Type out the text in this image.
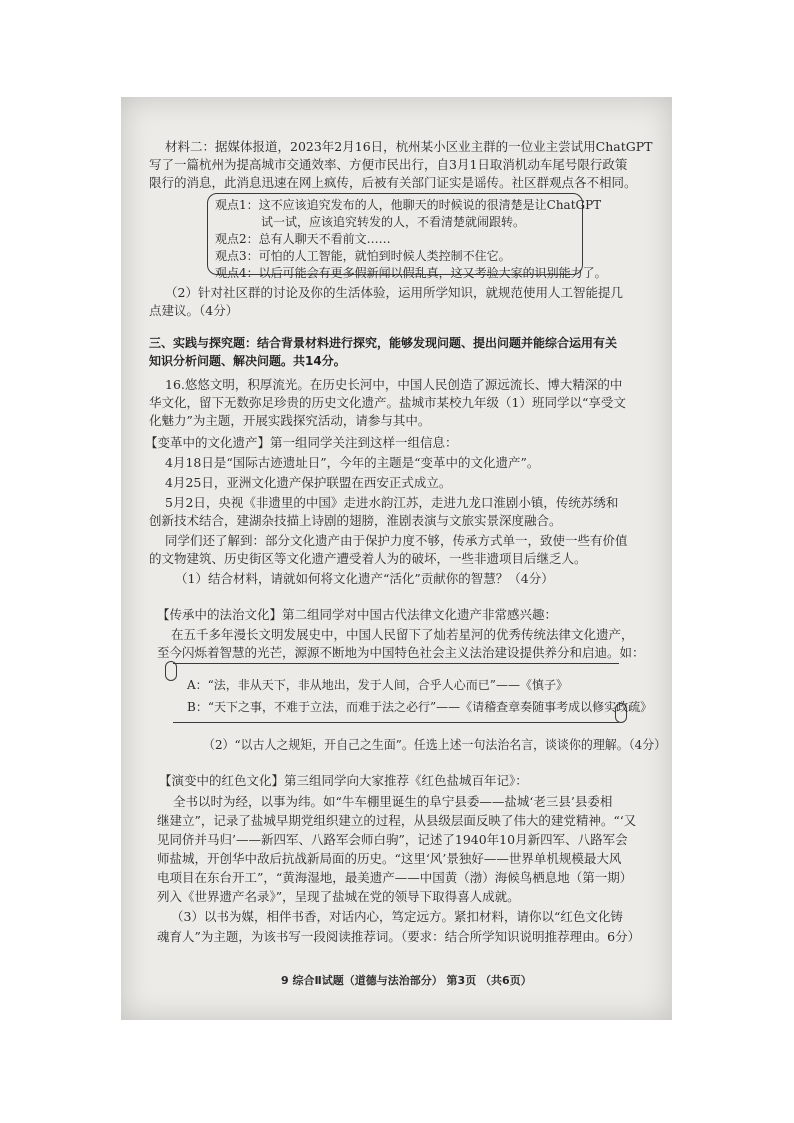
材料二：据媒体报道，2023年2月16日，杭州某小区业主群的一位业主尝试用ChatGPT
写了一篇杭州为提高城市交通效率、方便市民出行，自3月1日取消机动车尾号限行政策
限行的消息，此消息迅速在网上疯传，后被有关部门证实是谣传。社区群观点各不相同。
观点1：这不应该追究发布的人，他聊天的时候说的很清楚是让ChatGPT
试一试，应该追究转发的人，不看清楚就闹跟转。
观点2：总有人聊天不看前文……
观点3：可怕的人工智能，就怕到时候人类控制不住它。
观点4：以后可能会有更多假新闻以假乱真，这又考验大家的识别能力了。
（2）针对社区群的讨论及你的生活体验，运用所学知识，就规范使用人工智能提几
点建议。（4分）
三、实践与探究题：结合背景材料进行探究，能够发现问题、提出问题并能综合运用有关
知识分析问题、解决问题。共14分。
16.悠悠文明，积厚流光。在历史长河中，中国人民创造了源远流长、博大精深的中
华文化，留下无数弥足珍贵的历史文化遗产。盐城市某校九年级（1）班同学以“享受文
化魅力”为主题，开展实践探究活动，请参与其中。
【变革中的文化遗产】第一组同学关注到这样一组信息：
4月18日是“国际古迹遗址日”，今年的主题是“变革中的文化遗产”。
4月25日，亚洲文化遗产保护联盟在西安正式成立。
5月2日，央视《非遗里的中国》走进水韵江苏，走进九龙口淮剧小镇，传统苏绣和
创新技术结合，建湖杂技描上诗剧的翅膀，淮剧表演与文旅实景深度融合。
同学们还了解到：部分文化遗产由于保护力度不够，传承方式单一，致使一些有价值
的文物建筑、历史街区等文化遗产遭受着人为的破坏，一些非遗项目后继乏人。
（1）结合材料，请就如何将文化遗产“活化”贡献你的智慧？（4分）
【传承中的法治文化】第二组同学对中国古代法律文化遗产非常感兴趣：
在五千多年漫长文明发展史中，中国人民留下了灿若星河的优秀传统法律文化遗产，
至今闪烁着智慧的光芒，源源不断地为中国特色社会主义法治建设提供养分和启迪。如：
A：“法，非从天下，非从地出，发于人间，合乎人心而已”——《慎子》
B：“天下之事，不难于立法，而难于法之必行”——《请稽查章奏随事考成以修实政疏》
（2）“以古人之规矩，开自己之生面”。任选上述一句法治名言，谈谈你的理解。（4分）
【演变中的红色文化】第三组同学向大家推荐《红色盐城百年记》：
全书以时为经，以事为纬。如“牛车棚里诞生的阜宁县委——盐城‘老三县’县委相
继建立”，记录了盐城早期党组织建立的过程，从县级层面反映了伟大的建党精神。“‘又
见同侪并马归’——新四军、八路军会师白驹”，记述了1940年10月新四军、八路军会
师盐城，开创华中敌后抗战新局面的历史。“这里‘风’景独好——世界单机规模最大风
电项目在东台开工”，“黄海湿地，最美遗产——中国黄（渤）海候鸟栖息地（第一期）
列入《世界遗产名录》”，呈现了盐城在党的领导下取得喜人成就。
（3）以书为媒，相伴书香，对话内心，笃定远方。紧扣材料，请你以“红色文化铸
魂育人”为主题，为该书写一段阅读推荐词。（要求：结合所学知识说明推荐理由。6分）
9 综合Ⅱ试题（道德与法治部分） 第3页 （共6页）
